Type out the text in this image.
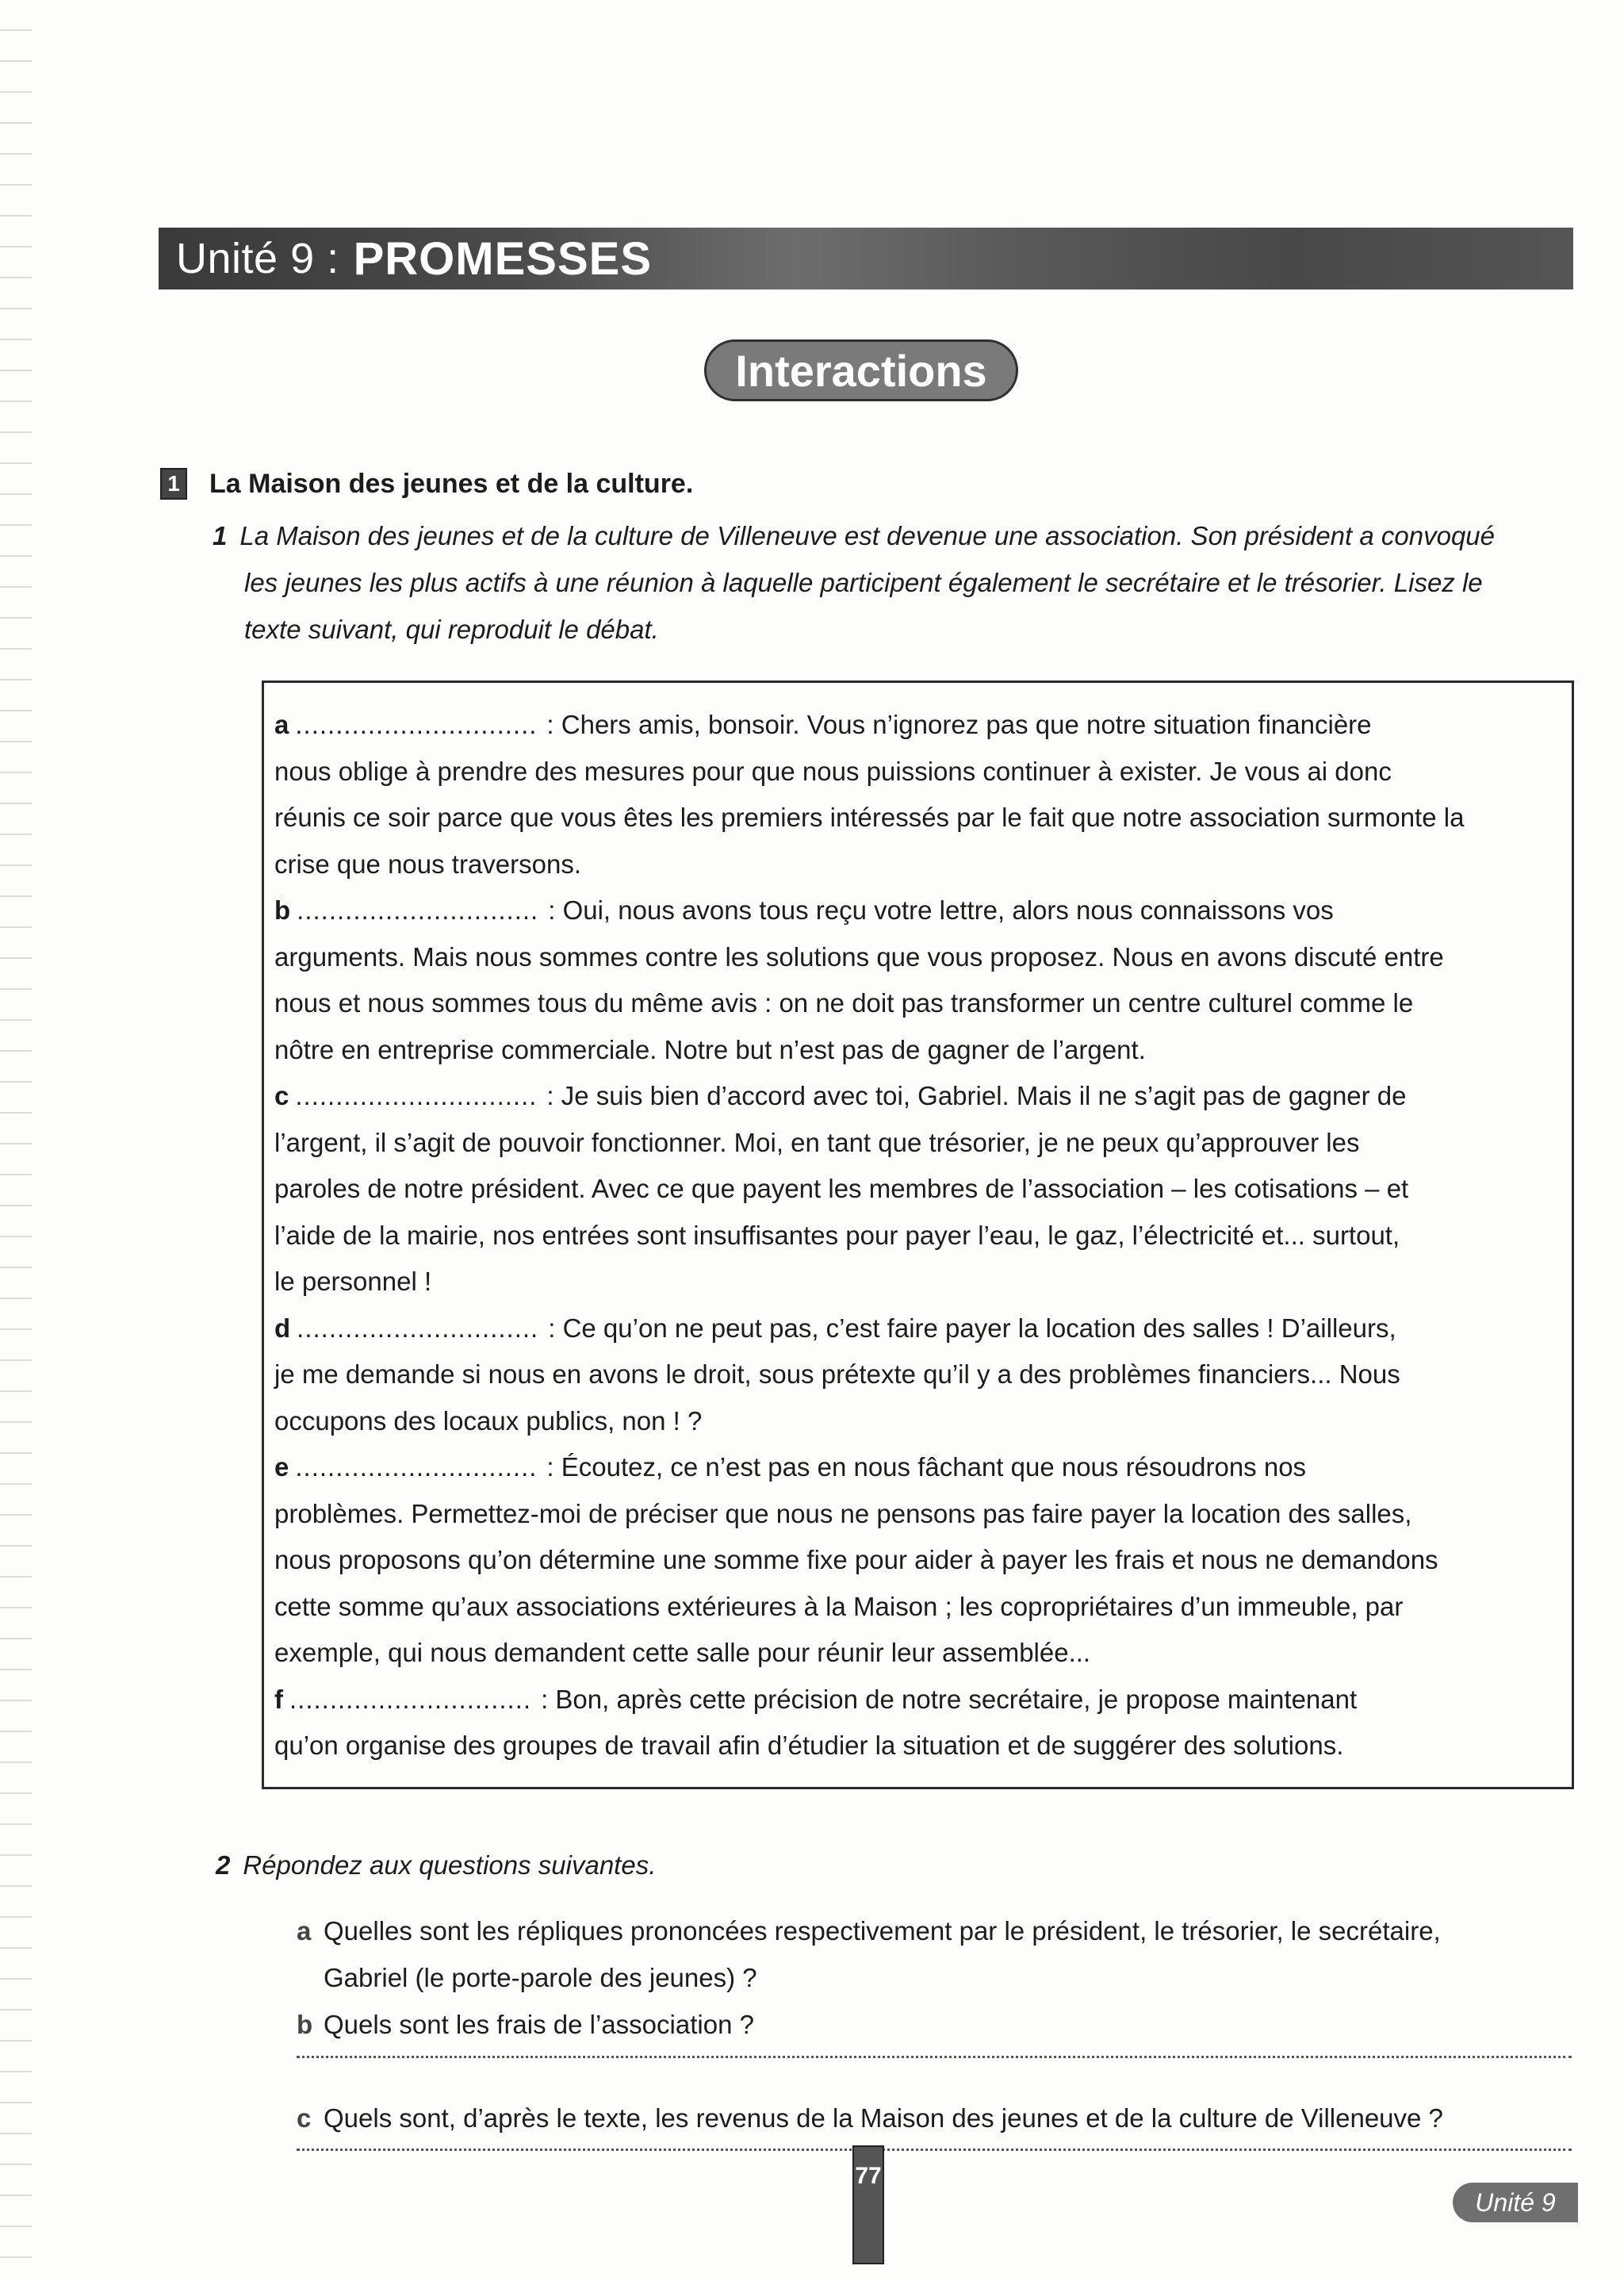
Unité 9 : PROMESSES
Interactions
1 La Maison des jeunes et de la culture.
1 La Maison des jeunes et de la culture de Villeneuve est devenue une association. Son président a convoqué
les jeunes les plus actifs à une réunion à laquelle participent également le secrétaire et le trésorier. Lisez le
texte suivant, qui reproduit le débat.
a .............................. : Chers amis, bonsoir. Vous n’ignorez pas que notre situation financière
nous oblige à prendre des mesures pour que nous puissions continuer à exister. Je vous ai donc
réunis ce soir parce que vous êtes les premiers intéressés par le fait que notre association surmonte la
crise que nous traversons.
b .............................. : Oui, nous avons tous reçu votre lettre, alors nous connaissons vos
arguments. Mais nous sommes contre les solutions que vous proposez. Nous en avons discuté entre
nous et nous sommes tous du même avis : on ne doit pas transformer un centre culturel comme le
nôtre en entreprise commerciale. Notre but n’est pas de gagner de l’argent.
c .............................. : Je suis bien d’accord avec toi, Gabriel. Mais il ne s’agit pas de gagner de
l’argent, il s’agit de pouvoir fonctionner. Moi, en tant que trésorier, je ne peux qu’approuver les
paroles de notre président. Avec ce que payent les membres de l’association – les cotisations – et
l’aide de la mairie, nos entrées sont insuffisantes pour payer l’eau, le gaz, l’électricité et... surtout,
le personnel !
d .............................. : Ce qu’on ne peut pas, c’est faire payer la location des salles ! D’ailleurs,
je me demande si nous en avons le droit, sous prétexte qu’il y a des problèmes financiers... Nous
occupons des locaux publics, non ! ?
e .............................. : Écoutez, ce n’est pas en nous fâchant que nous résoudrons nos
problèmes. Permettez-moi de préciser que nous ne pensons pas faire payer la location des salles,
nous proposons qu’on détermine une somme fixe pour aider à payer les frais et nous ne demandons
cette somme qu’aux associations extérieures à la Maison ; les copropriétaires d’un immeuble, par
exemple, qui nous demandent cette salle pour réunir leur assemblée...
f .............................. : Bon, après cette précision de notre secrétaire, je propose maintenant
qu’on organise des groupes de travail afin d’étudier la situation et de suggérer des solutions.
2 Répondez aux questions suivantes.
a Quelles sont les répliques prononcées respectivement par le président, le trésorier, le secrétaire,
Gabriel (le porte-parole des jeunes) ?
b Quels sont les frais de l’association ?
c Quels sont, d’après le texte, les revenus de la Maison des jeunes et de la culture de Villeneuve ?
77
Unité 9
